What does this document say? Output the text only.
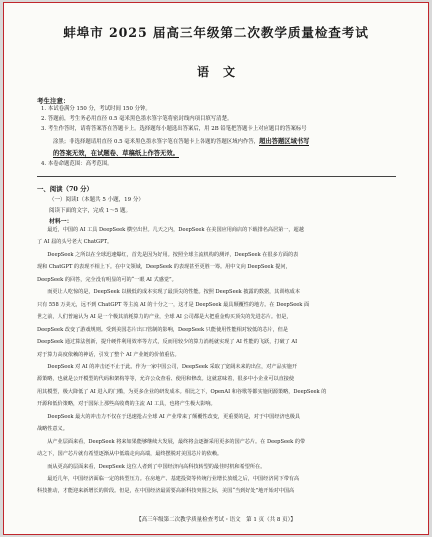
蚌埠市 2025 届高三年级第二次教学质量检查考试
语文
考生注意：
1. 本试卷满分 150 分，考试时间 150 分钟。
2. 答题前，考生务必用直径 0.5 毫米黑色墨水签字笔将密封线内项目填写清楚。
3. 考生作答时，请将答案答在答题卡上。选择题每小题选出答案后，用 2B 铅笔把答题卡上对应题目的答案标号
涂黑；非选择题请用直径 0.5 毫米黑色墨水签字笔在答题卡上各题的答题区域内作答，超出答题区域书写
的答案无效，在试题卷、草稿纸上作答无效。
4. 本卷命题范围：高考范围。
一、阅读（70 分）
（一）阅读Ⅰ（本题共 5 小题，19 分）
阅读下面的文字，完成 1～5 题。
材料一：
　　最近，中国的 AI 工具 DeepSeek 横空出世。几天之内，DeepSeek 在美国应用商店的下载排名高居第一，超越
了 AI 届的头号老大 ChatGPT。
　　DeepSeek 之所以在全球迅速爆红，首先是因为好用。按照全球主流机构的测评，DeepSeek 在很多方面的表
现和 ChatGPT 的表现不相上下。在中文领域，DeepSeek 的表现甚至更胜一筹。用中文向 DeepSeek 提问，
DeepSeek 的回答，完全没有明显的可的“一眼 AI 式感觉”。
　　而更让人吃惊的是，DeepSeek 以极低的成本实现了最顶尖的性能。按照 DeepSeek 披露的数据，其训练成本
只有 558 万美元，远不到 ChatGPT 等主流 AI 的十分之一，这才是 DeepSeek 最具颠覆性的地方。在 DeepSeek 面
世之前，人们普遍认为 AI 是一个极其消耗算力的产业，全球 AI 公司都是大把重金购买顶尖的先进芯片。但是，
DeepSeek 改变了游戏规则。受到美国芯片出口管制的影响，DeepSeek 只能使用性能相对较低的芯片，但是
DeepSeek 通过算法创新，提升硬件利用效率等方式，反而用较少的算力消耗就实现了 AI 性能的飞跃，打破了 AI
对于算力高度依赖的神话，引发了整个 AI 产业链的价值重估。
　　DeepSeek 对 AI 的冲击还不止于此。作为一家中国公司，DeepSeek 采取了宽阔未来的出位，对产品实施开
源策略，也就是公开模型的代码和架构等等，允许公众查看、使用和修改。这就意味着，很多中小企业可以直接使
用其模型，极大降低了 AI 进入的门槛，为更多企业的研发成本。相比之下，OpenAI 和谷歌等都实施闭源策略，DeepSeek 的
开源和低价策略，对于国际上那些高收费的主流 AI 工具，也将产生极大影响。
　　DeepSeek 最大的冲击力不仅在于迅速抢占全球 AI 产业带来了颠覆性改变，更重要的是，对于中国经济也极具
战略性意义。
　　从产业层面来看，DeepSeek 将来如果能够继续大发展，最终将会逐渐采用更多的国产芯片。在 DeepSeek 的带
动之下，国产芯片就有希望逐渐从中低端走向高端，最终摆脱对美国芯片的依赖。
　　而从更高的层面来看，DeepSeek 这位人者到了中国经济向高科技转型的最佳时机和希望所在。
　　最近几年，中国经济面临一定的转型压力。在房地产、基建投资等传统行业增长放缓之后，中国经济同下带有高
科技推动，才能迎来新增长的阶段。但是，在中国经济最需要高新科技突围之际，美国“当到好处”地开始对中国高
【高三年级第二次教学质量检查考试・语文　第 1 页（共 8 页）】
